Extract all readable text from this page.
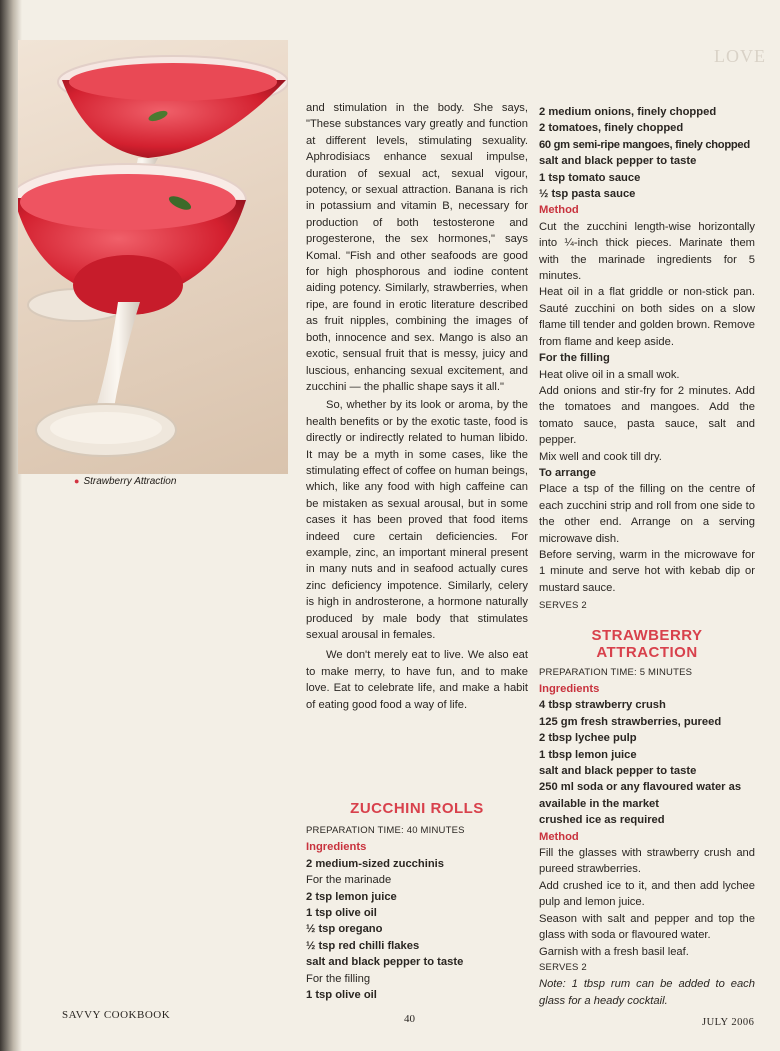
LOVE
● Strawberry Attraction

and stimulation in the body. She says, "These substances vary greatly and function at different levels, stimulating sexuality. Aphrodisiacs enhance sexual impulse, duration of sexual act, sexual vigour, potency, or sexual attraction. Banana is rich in potassium and vitamin B, necessary for production of both testosterone and progesterone, the sex hormones," says Komal. "Fish and other seafoods are good for high phosphorous and iodine content aiding potency. Similarly, strawberries, when ripe, are found in erotic literature described as fruit nipples, combining the images of both, innocence and sex. Mango is also an exotic, sensual fruit that is messy, juicy and luscious, enhancing sexual excitement, and zucchini — the phallic shape says it all."

So, whether by its look or aroma, by the health benefits or by the exotic taste, food is directly or indirectly related to human libido. It may be a myth in some cases, like the stimulating effect of coffee on human beings, which, like any food with high caffeine can be mistaken as sexual arousal, but in some cases it has been proved that food items indeed cure certain deficiencies. For example, zinc, an important mineral present in many nuts and in seafood actually cures zinc deficiency impotence. Similarly, celery is high in androsterone, a hormone naturally produced by male body that stimulates sexual arousal in females.

We don't merely eat to live. We also eat to make merry, to have fun, and to make love. Eat to celebrate life, and make a habit of eating good food a way of life.

ZUCCHINI ROLLS
PREPARATION TIME: 40 MINUTES
Ingredients
2 medium-sized zucchinis
For the marinade
2 tsp lemon juice
1 tsp olive oil
½ tsp oregano
½ tsp red chilli flakes
salt and black pepper to taste
For the filling
1 tsp olive oil
2 medium onions, finely chopped
2 tomatoes, finely chopped
60 gm semi-ripe mangoes, finely chopped
salt and black pepper to taste
1 tsp tomato sauce
½ tsp pasta sauce
Method

Cut the zucchini length-wise horizontally into ¼-inch thick pieces. Marinate them with the marinade ingredients for 5 minutes.

Heat oil in a flat griddle or non-stick pan. Sauté zucchini on both sides on a slow flame till tender and golden brown. Remove from flame and keep aside.

For the filling

Heat olive oil in a small wok.

Add onions and stir-fry for 2 minutes. Add the tomatoes and mangoes. Add the tomato sauce, pasta sauce, salt and pepper.

Mix well and cook till dry.

To arrange

Place a tsp of the filling on the centre of each zucchini strip and roll from one side to the other end. Arrange on a serving microwave dish.

Before serving, warm in the microwave for 1 minute and serve hot with kebab dip or mustard sauce.

SERVES 2
STRAWBERRY
ATTRACTION
PREPARATION TIME: 5 MINUTES
Ingredients
4 tbsp strawberry crush
125 gm fresh strawberries, pureed
2 tbsp lychee pulp
1 tbsp lemon juice
salt and black pepper to taste

250 ml soda or any flavoured water as available in the market

crushed ice as required
Method

Fill the glasses with strawberry crush and pureed strawberries.

Add crushed ice to it, and then add lychee pulp and lemon juice.

Season with salt and pepper and top the glass with soda or flavoured water.

Garnish with a fresh basil leaf.

SERVES 2

Note: 1 tbsp rum can be added to each glass for a heady cocktail.

SAVVY COOKBOOK	40	JULY 2006
